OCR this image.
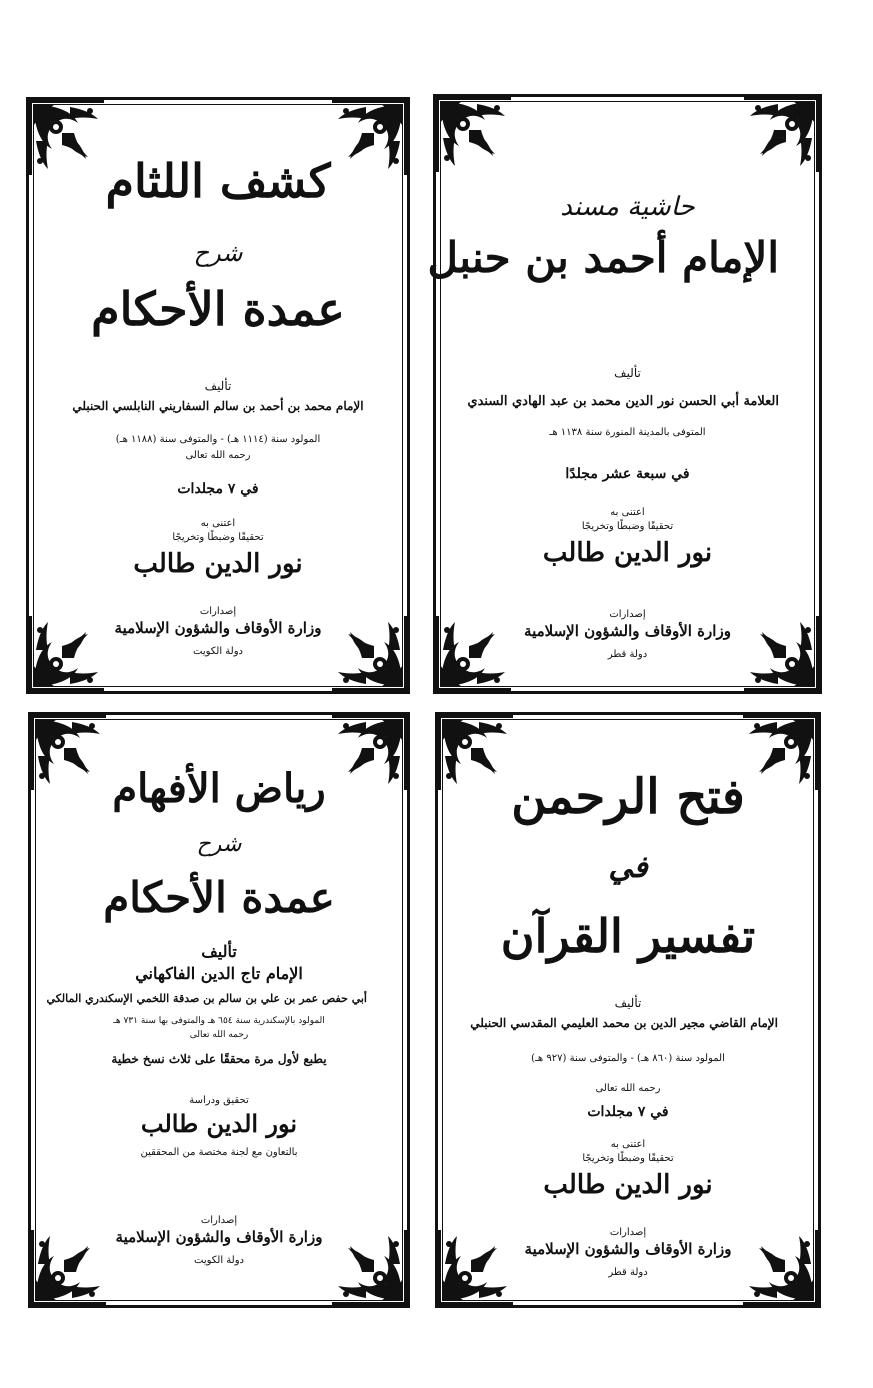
حاشية مسند

الإمام أحمد بن حنبل

تأليف

العلامة أبي الحسن نور الدين محمد بن عبد الهادي السندي

المتوفى بالمدينة المنورة سنة ١١٣٨ هـ

في سبعة عشر مجلدًا

اعتنى به

تحقيقًا وضبطًا وتخريجًا

نور الدين طالب

إصدارات

وزارة الأوقاف والشؤون الإسلامية

دولة قطر

كشف اللثام

شرح

عمدة الأحكام

تأليف

الإمام محمد بن أحمد بن سالم السفاريني النابلسي الحنبلي

المولود سنة (١١١٤ هـ) - والمتوفى سنة (١١٨٨ هـ)

رحمه الله تعالى

في ٧ مجلدات

اعتنى به

تحقيقًا وضبطًا وتخريجًا

نور الدين طالب

إصدارات

وزارة الأوقاف والشؤون الإسلامية

دولة الكويت

فتح الرحمن

في

تفسير القرآن

تأليف

الإمام القاضي مجير الدين بن محمد العليمي المقدسي الحنبلي

المولود سنة (٨٦٠ هـ) - والمتوفى سنة (٩٢٧ هـ)

رحمه الله تعالى

في ٧ مجلدات

اعتنى به

تحقيقًا وضبطًا وتخريجًا

نور الدين طالب

إصدارات

وزارة الأوقاف والشؤون الإسلامية

دولة قطر

رياض الأفهام

شرح

عمدة الأحكام

تأليف

الإمام تاج الدين الفاكهاني

أبي حفص عمر بن علي بن سالم بن صدقة اللخمي الإسكندري المالكي

المولود بالإسكندرية سنة ٦٥٤ هـ والمتوفى بها سنة ٧٣١ هـ

رحمه الله تعالى

يطبع لأول مرة محققًا على ثلاث نسخ خطية

تحقيق ودراسة

نور الدين طالب

بالتعاون مع لجنة مختصة من المحققين

إصدارات

وزارة الأوقاف والشؤون الإسلامية

دولة الكويت
